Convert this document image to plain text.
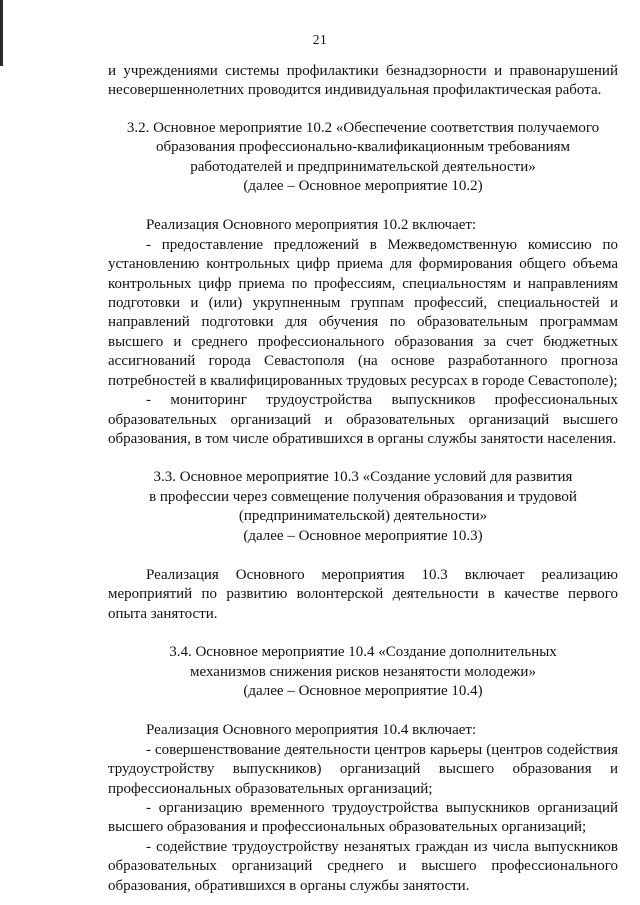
21

и учреждениями системы профилактики безнадзорности и правонарушений несовершеннолетних проводится индивидуальная профилактическая работа.

3.2. Основное мероприятие 10.2 «Обеспечение соответствия получаемого
образования профессионально-квалификационным требованиям
работодателей и предпринимательской деятельности»
(далее – Основное мероприятие 10.2)

Реализация Основного мероприятия 10.2 включает:

- предоставление предложений в Межведомственную комиссию по установлению контрольных цифр приема для формирования общего объема контрольных цифр приема по профессиям, специальностям и направлениям подготовки и (или) укрупненным группам профессий, специальностей и направлений подготовки для обучения по образовательным программам высшего и среднего профессионального образования за счет бюджетных ассигнований города Севастополя (на основе разработанного прогноза потребностей в квалифицированных трудовых ресурсах в городе Севастополе);

- мониторинг трудоустройства выпускников профессиональных образовательных организаций и образовательных организаций высшего образования, в том числе обратившихся в органы службы занятости населения.

3.3. Основное мероприятие 10.3 «Создание условий для развития
в профессии через совмещение получения образования и трудовой
(предпринимательской) деятельности»
(далее – Основное мероприятие 10.3)

Реализация Основного мероприятия 10.3 включает реализацию мероприятий по развитию волонтерской деятельности в качестве первого опыта занятости.

3.4. Основное мероприятие 10.4 «Создание дополнительных
механизмов снижения рисков незанятости молодежи»
(далее – Основное мероприятие 10.4)

Реализация Основного мероприятия 10.4 включает:

- совершенствование деятельности центров карьеры (центров содействия трудоустройству выпускников) организаций высшего образования и профессиональных образовательных организаций;

- организацию временного трудоустройства выпускников организаций высшего образования и профессиональных образовательных организаций;

- содействие трудоустройству незанятых граждан из числа выпускников образовательных организаций среднего и высшего профессионального образования, обратившихся в органы службы занятости.
